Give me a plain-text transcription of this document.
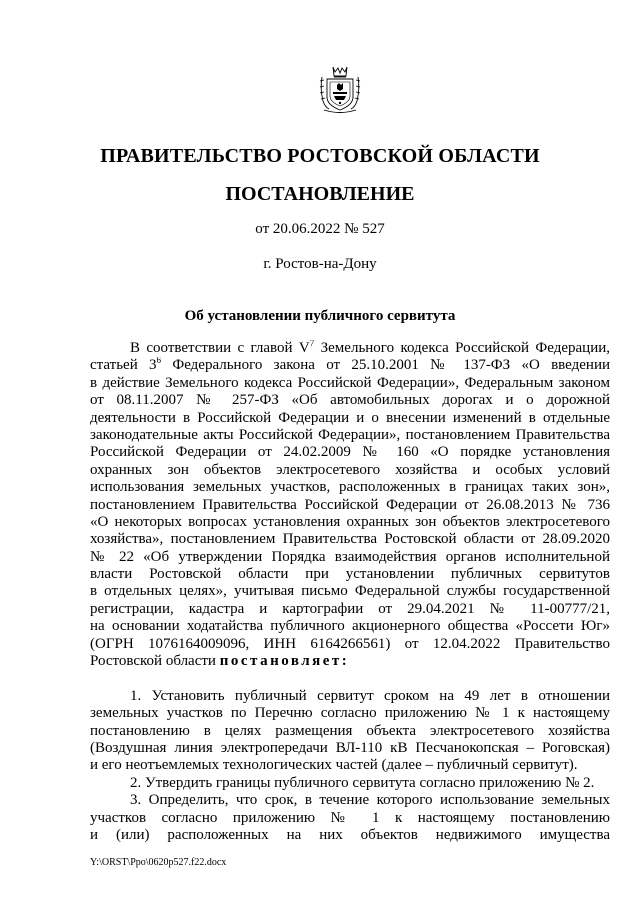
ПРАВИТЕЛЬСТВО РОСТОВСКОЙ ОБЛАСТИ
ПОСТАНОВЛЕНИЕ
от 20.06.2022 № 527
г. Ростов-на-Дону
Об установлении публичного сервитута
В соответствии с главой $V^7$ Земельного кодекса Российской Федерации,
статьей $3^6$ Федерального закона от 25.10.2001 № 137-ФЗ «О введении
в действие Земельного кодекса Российской Федерации», Федеральным законом
от 08.11.2007 № 257-ФЗ «Об автомобильных дорогах и о дорожной
деятельности в Российской Федерации и о внесении изменений в отдельные
законодательные акты Российской Федерации», постановлением Правительства
Российской Федерации от 24.02.2009 № 160 «О порядке установления
охранных зон объектов электросетевого хозяйства и особых условий
использования земельных участков, расположенных в границах таких зон»,
постановлением Правительства Российской Федерации от 26.08.2013 № 736
«О некоторых вопросах установления охранных зон объектов электросетевого
хозяйства», постановлением Правительства Ростовской области от 28.09.2020
№ 22 «Об утверждении Порядка взаимодействия органов исполнительной
власти Ростовской области при установлении публичных сервитутов
в отдельных целях», учитывая письмо Федеральной службы государственной
регистрации, кадастра и картографии от 29.04.2021 № 11-00777/21,
на основании ходатайства публичного акционерного общества «Россети Юг»
(ОГРН 1076164009096, ИНН 6164266561) от 12.04.2022 Правительство
Ростовской области постановляет:
1. Установить публичный сервитут сроком на 49 лет в отношении
земельных участков по Перечню согласно приложению № 1 к настоящему
постановлению в целях размещения объекта электросетевого хозяйства
(Воздушная линия электропередачи ВЛ-110 кВ Песчанокопская – Роговская)
и его неотъемлемых технологических частей (далее – публичный сервитут).
2. Утвердить границы публичного сервитута согласно приложению № 2.
3. Определить, что срок, в течение которого использование земельных
участков согласно приложению № 1 к настоящему постановлению
и (или) расположенных на них объектов недвижимого имущества
Y:\ORST\Ppo\0620p527.f22.docx
